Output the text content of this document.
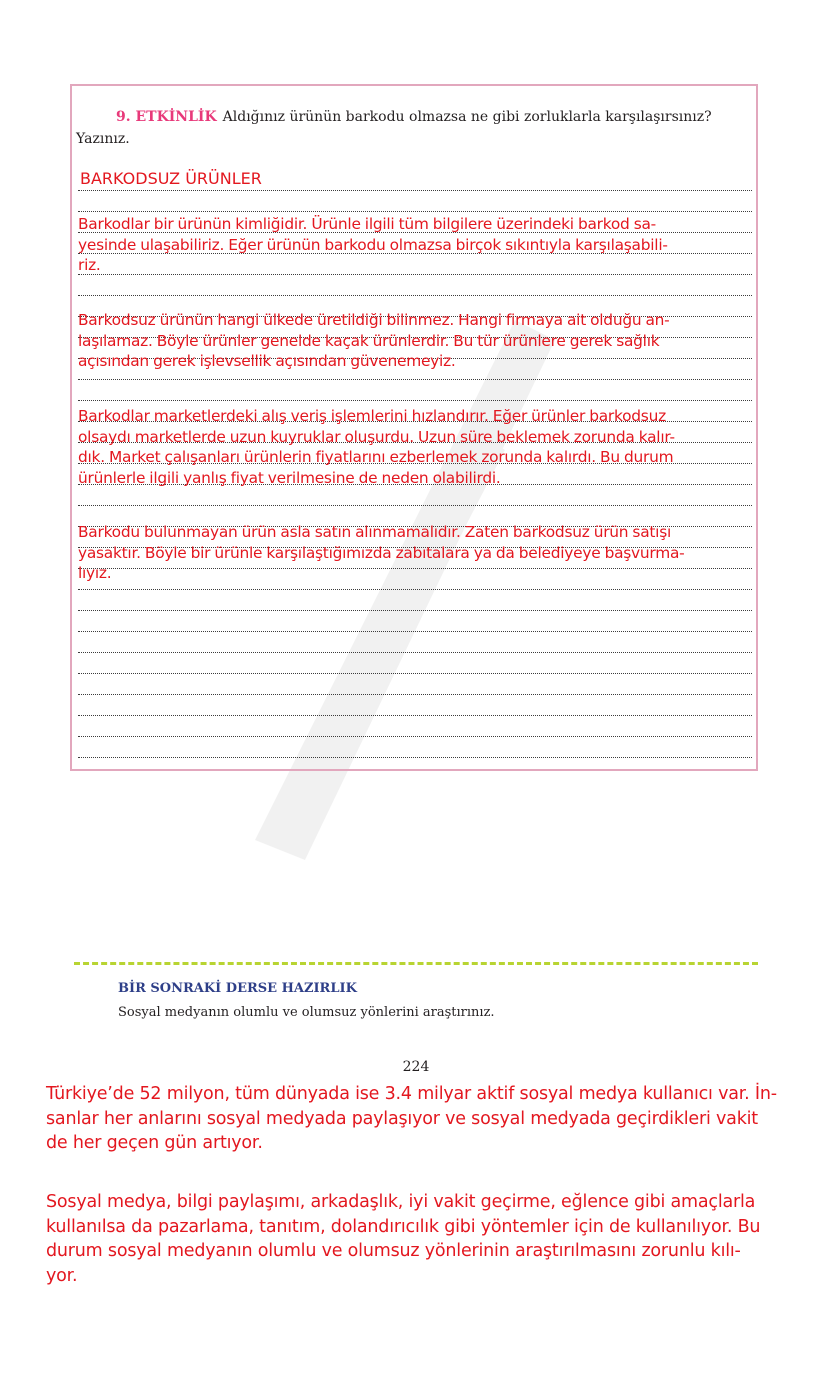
9. ETKİNLİK Aldığınız ürünün barkodu olmazsa ne gibi zorluklarla karşılaşırsınız?
Yazınız.
BARKODSUZ ÜRÜNLER
Barkodlar bir ürünün kimliğidir. Ürünle ilgili tüm bilgilere üzerindeki barkod sa-
yesinde ulaşabiliriz. Eğer ürünün barkodu olmazsa birçok sıkıntıyla karşılaşabili-
riz.
Barkodsuz ürünün hangi ülkede üretildiği bilinmez. Hangi firmaya ait olduğu an-
laşılamaz. Böyle ürünler genelde kaçak ürünlerdir. Bu tür ürünlere gerek sağlık
açısından gerek işlevsellik açısından güvenemeyiz.
Barkodlar marketlerdeki alış veriş işlemlerini hızlandırır. Eğer ürünler barkodsuz
olsaydı marketlerde uzun kuyruklar oluşurdu. Uzun süre beklemek zorunda kalır-
dık. Market çalışanları ürünlerin fiyatlarını ezberlemek zorunda kalırdı. Bu durum
ürünlerle ilgili yanlış fiyat verilmesine de neden olabilirdi.
Barkodu bulunmayan ürün asla satın alınmamalıdır. Zaten barkodsuz ürün satışı
yasaktır. Böyle bir ürünle karşılaştığımızda zabıtalara ya da belediyeye başvurma-
lıyız.
BİR SONRAKİ DERSE HAZIRLIK
Sosyal medyanın olumlu ve olumsuz yönlerini araştırınız.
224
Türkiye’de 52 milyon, tüm dünyada ise 3.4 milyar aktif sosyal medya kullanıcı var. İn-
sanlar her anlarını sosyal medyada paylaşıyor ve sosyal medyada geçirdikleri vakit
de her geçen gün artıyor.
Sosyal medya, bilgi paylaşımı, arkadaşlık, iyi vakit geçirme, eğlence gibi amaçlarla
kullanılsa da pazarlama, tanıtım, dolandırıcılık gibi yöntemler için de kullanılıyor. Bu
durum sosyal medyanın olumlu ve olumsuz yönlerinin araştırılmasını zorunlu kılı-
yor.
